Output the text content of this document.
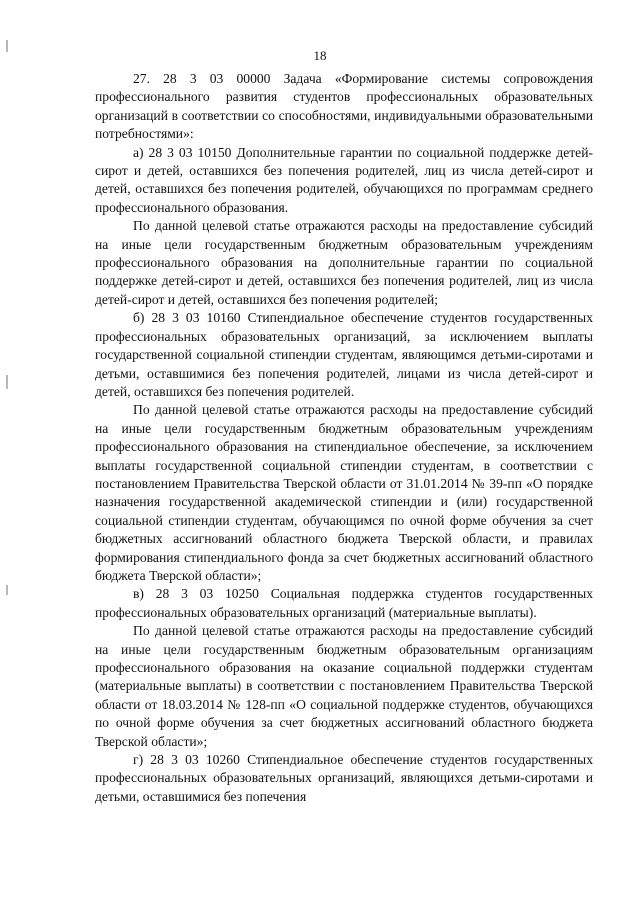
18

27. 28 3 03 00000 Задача «Формирование системы сопровождения профессионального развития студентов профессиональных образовательных организаций в соответствии со способностями, индивидуальными образовательными потребностями»:

а) 28 3 03 10150 Дополнительные гарантии по социальной поддержке детей-сирот и детей, оставшихся без попечения родителей, лиц из числа детей-сирот и детей, оставшихся без попечения родителей, обучающихся по программам среднего профессионального образования.

По данной целевой статье отражаются расходы на предоставление субсидий на иные цели государственным бюджетным образовательным учреждениям профессионального образования на дополнительные гарантии по социальной поддержке детей-сирот и детей, оставшихся без попечения родителей, лиц из числа детей-сирот и детей, оставшихся без попечения родителей;

б) 28 3 03 10160 Стипендиальное обеспечение студентов государственных профессиональных образовательных организаций, за исключением выплаты государственной социальной стипендии студентам, являющимся детьми-сиротами и детьми, оставшимися без попечения родителей, лицами из числа детей-сирот и детей, оставшихся без попечения родителей.

По данной целевой статье отражаются расходы на предоставление субсидий на иные цели государственным бюджетным образовательным учреждениям профессионального образования на стипендиальное обеспечение, за исключением выплаты государственной социальной стипендии студентам, в соответствии с постановлением Правительства Тверской области от 31.01.2014 № 39-пп «О порядке назначения государственной академической стипендии и (или) государственной социальной стипендии студентам, обучающимся по очной форме обучения за счет бюджетных ассигнований областного бюджета Тверской области, и правилах формирования стипендиального фонда за счет бюджетных ассигнований областного бюджета Тверской области»;

в) 28 3 03 10250 Социальная поддержка студентов государственных профессиональных образовательных организаций (материальные выплаты).

По данной целевой статье отражаются расходы на предоставление субсидий на иные цели государственным бюджетным образовательным организациям профессионального образования на оказание социальной поддержки студентам (материальные выплаты) в соответствии с постановлением Правительства Тверской области от 18.03.2014 № 128-пп «О социальной поддержке студентов, обучающихся по очной форме обучения за счет бюджетных ассигнований областного бюджета Тверской области»;

г) 28 3 03 10260 Стипендиальное обеспечение студентов государственных профессиональных образовательных организаций, являющихся детьми-сиротами и детьми, оставшимися без попечения
